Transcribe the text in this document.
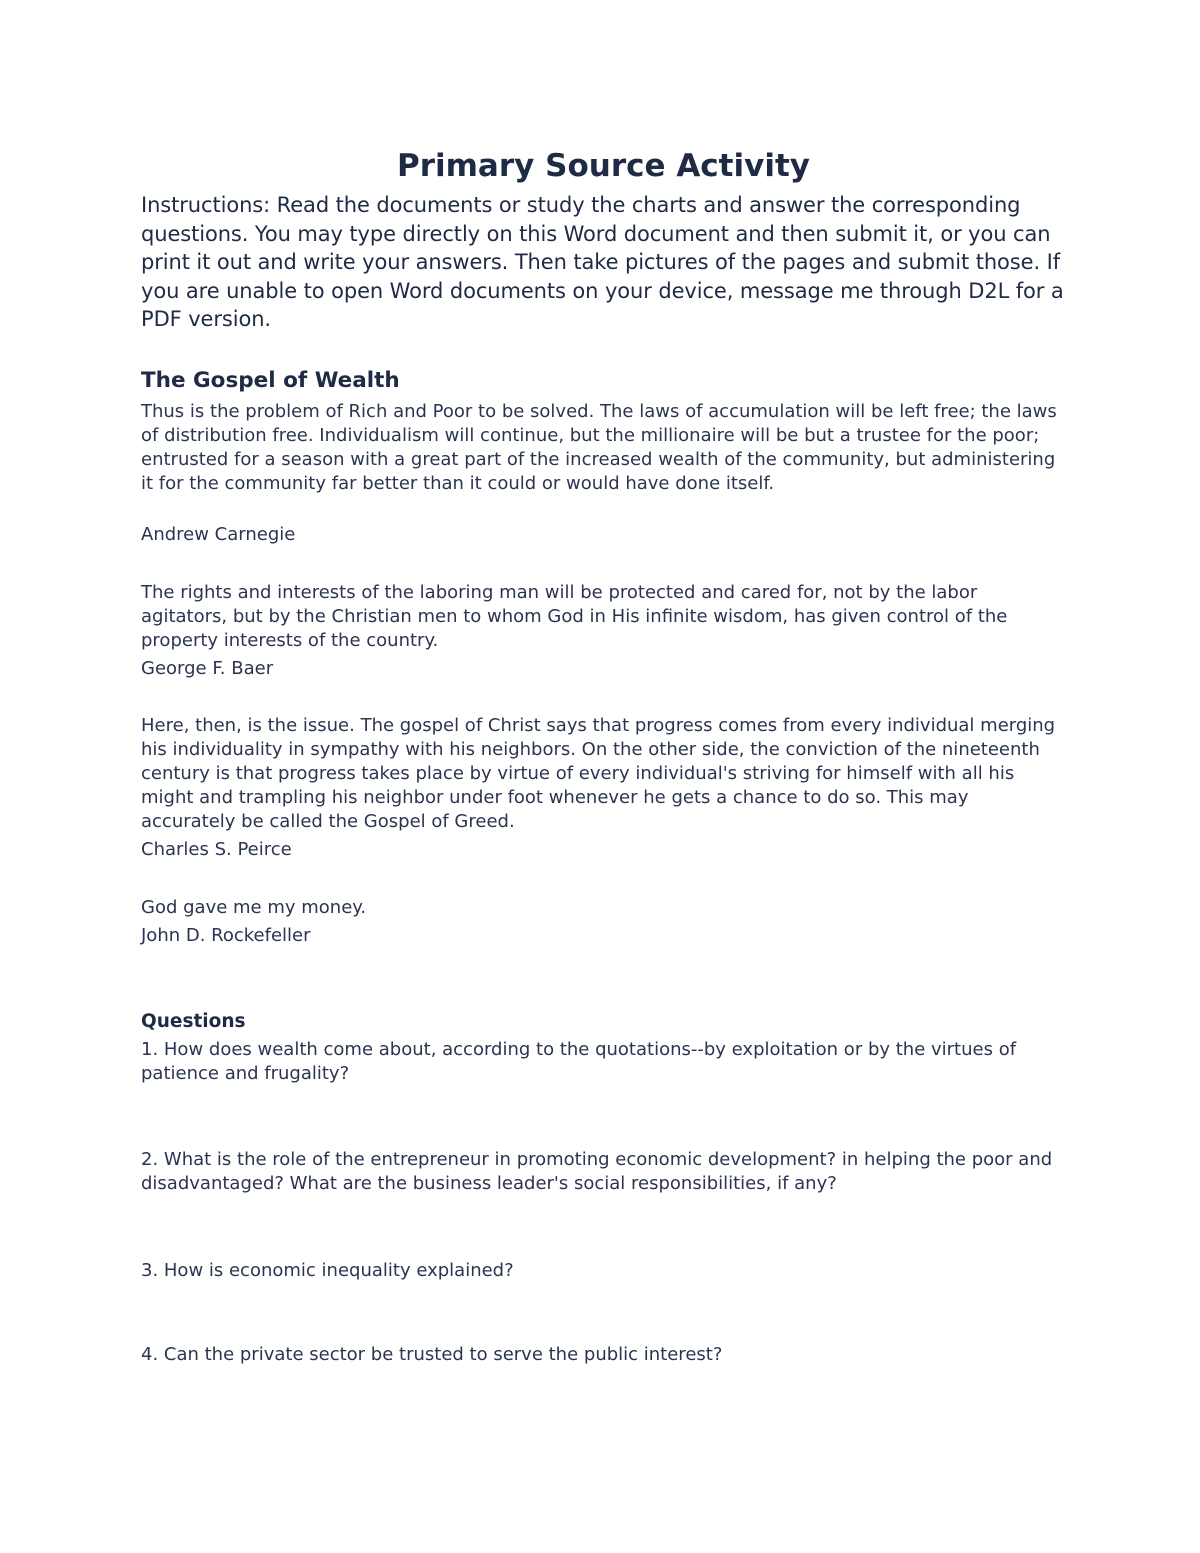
Primary Source Activity

Instructions: Read the documents or study the charts and answer the corresponding questions. You may type directly on this Word document and then submit it, or you can print it out and write your answers. Then take pictures of the pages and submit those. If you are unable to open Word documents on your device, message me through D2L for a PDF version.

The Gospel of Wealth

Thus is the problem of Rich and Poor to be solved. The laws of accumulation will be left free; the laws of distribution free. Individualism will continue, but the millionaire will be but a trustee for the poor; entrusted for a season with a great part of the increased wealth of the community, but administering it for the community far better than it could or would have done itself.

Andrew Carnegie

The rights and interests of the laboring man will be protected and cared for, not by the labor agitators, but by the Christian men to whom God in His infinite wisdom, has given control of the property interests of the country.

George F. Baer

Here, then, is the issue. The gospel of Christ says that progress comes from every individual merging his individuality in sympathy with his neighbors. On the other side, the conviction of the nineteenth century is that progress takes place by virtue of every individual's striving for himself with all his might and trampling his neighbor under foot whenever he gets a chance to do so. This may accurately be called the Gospel of Greed.

Charles S. Peirce

God gave me my money.

John D. Rockefeller

Questions

1. How does wealth come about, according to the quotations--by exploitation or by the virtues of patience and frugality?

2. What is the role of the entrepreneur in promoting economic development? in helping the poor and disadvantaged? What are the business leader's social responsibilities, if any?

3. How is economic inequality explained?

4. Can the private sector be trusted to serve the public interest?
